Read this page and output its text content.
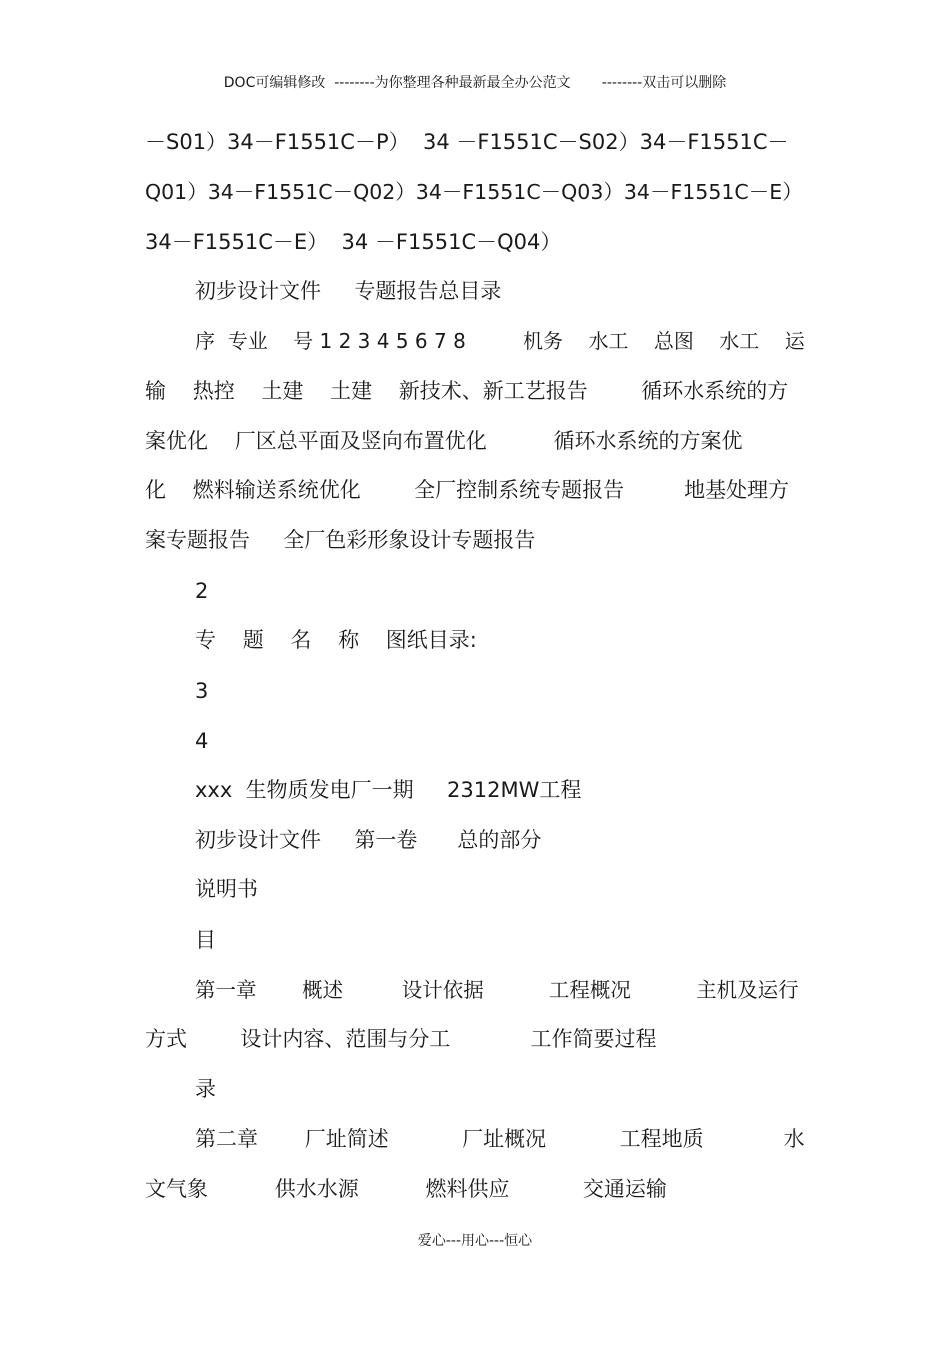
DOC可编辑修改  --------为你整理各种最新最全办公范文       --------双击可以删除
－S01）34－F1551C－P）  34 －F1551C－S02）34－F1551C－
Q01）34－F1551C－Q02）34－F1551C－Q03）34－F1551C－E）
34－F1551C－E）  34 －F1551C－Q04）
初步设计文件     专题报告总目录
序  专业    号 1 2 3 4 5 6 7 8         机务    水工    总图    水工    运
输    热控    土建    土建    新技术、新工艺报告        循环水系统的方
案优化    厂区总平面及竖向布置优化          循环水系统的方案优
化    燃料输送系统优化        全厂控制系统专题报告         地基处理方
案专题报告     全厂色彩形象设计专题报告
2
专    题    名    称    图纸目录:
3
4
xxx  生物质发电厂一期     2312MW工程
初步设计文件     第一卷      总的部分
说明书
目
第一章       概述         设计依据          工程概况          主机及运行
方式        设计内容、范围与分工            工作简要过程
录
第二章       厂址简述           厂址概况           工程地质            水
文气象          供水水源          燃料供应           交通运输
爱心---用心---恒心
